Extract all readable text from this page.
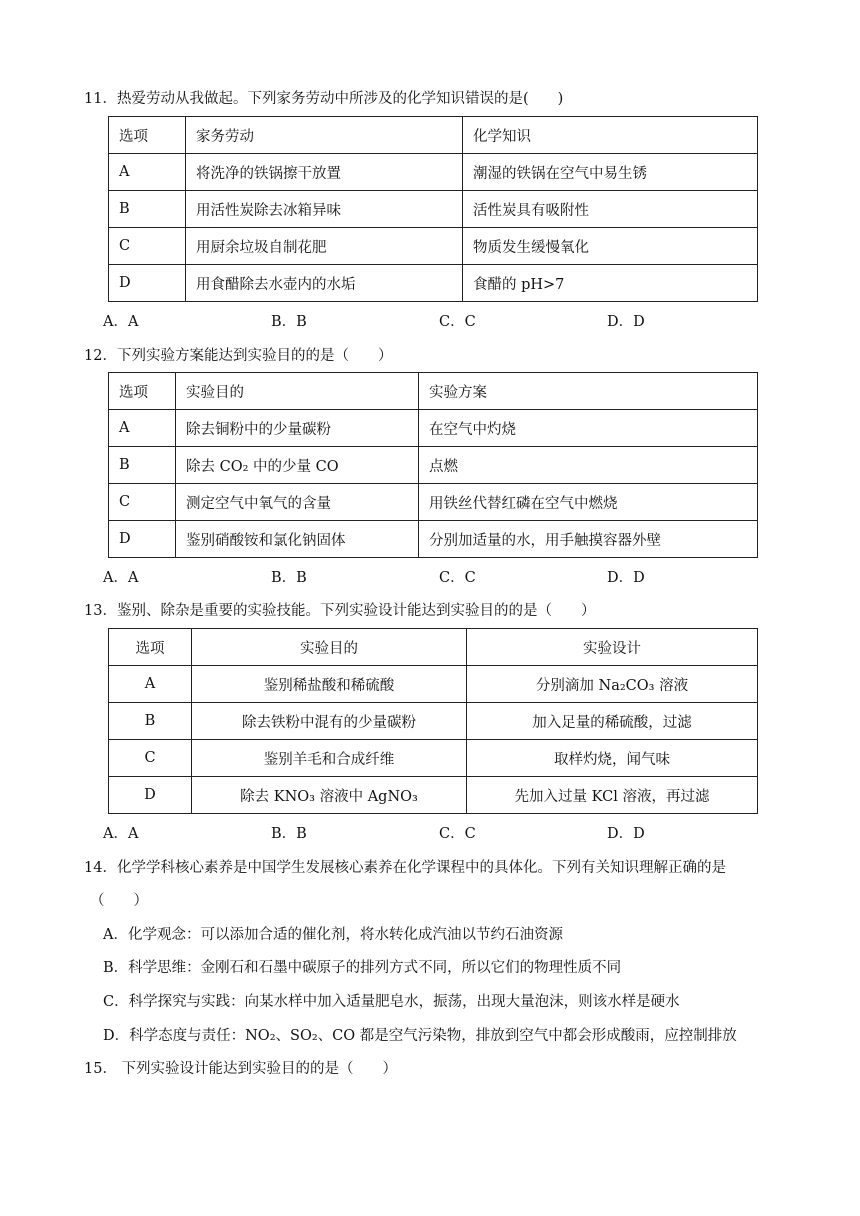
11．热爱劳动从我做起。下列家务劳动中所涉及的化学知识错误的是(　　)
选项	家务劳动	化学知识
A	将洗净的铁锅擦干放置	潮湿的铁锅在空气中易生锈
B	用活性炭除去冰箱异味	活性炭具有吸附性
C	用厨余垃圾自制花肥	物质发生缓慢氧化
D	用食醋除去水壶内的水垢	食醋的 pH>7
A．A	B．B	C．C	D．D
12．下列实验方案能达到实验目的的是（　　）
选项	实验目的	实验方案
A	除去铜粉中的少量碳粉	在空气中灼烧
B	除去 CO₂ 中的少量 CO	点燃
C	测定空气中氧气的含量	用铁丝代替红磷在空气中燃烧
D	鉴别硝酸铵和氯化钠固体	分别加适量的水，用手触摸容器外壁
A．A	B．B	C．C	D．D
13．鉴别、除杂是重要的实验技能。下列实验设计能达到实验目的的是（　　）
选项	实验目的	实验设计
A	鉴别稀盐酸和稀硫酸	分别滴加 Na₂CO₃ 溶液
B	除去铁粉中混有的少量碳粉	加入足量的稀硫酸，过滤
C	鉴别羊毛和合成纤维	取样灼烧，闻气味
D	除去 KNO₃ 溶液中 AgNO₃	先加入过量 KCl 溶液，再过滤
A．A	B．B	C．C	D．D
14．化学学科核心素养是中国学生发展核心素养在化学课程中的具体化。下列有关知识理解正确的是
（　　）
A．化学观念：可以添加合适的催化剂，将水转化成汽油以节约石油资源
B．科学思维：金刚石和石墨中碳原子的排列方式不同，所以它们的物理性质不同
C．科学探究与实践：向某水样中加入适量肥皂水，振荡，出现大量泡沫，则该水样是硬水
D．科学态度与责任：NO₂、SO₂、CO 都是空气污染物，排放到空气中都会形成酸雨，应控制排放
15． 下列实验设计能达到实验目的的是（　　）
